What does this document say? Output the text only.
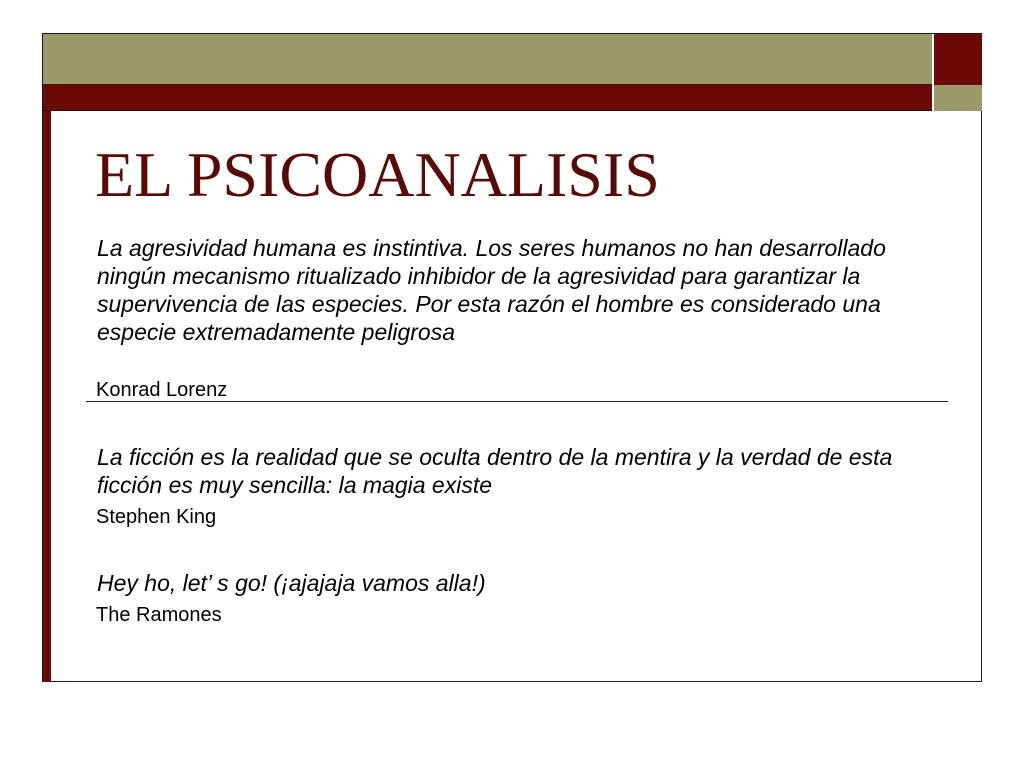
EL PSICOANALISIS

La agresividad humana es instintiva. Los seres humanos no han desarrollado ningún mecanismo ritualizado inhibidor de la agresividad para garantizar la supervivencia de las especies. Por esta razón el hombre es considerado una especie extremadamente peligrosa

Konrad Lorenz

La ficción es la realidad que se oculta dentro de la mentira y la verdad de esta ficción es muy sencilla: la magia existe

Stephen King

Hey ho, let’ s go! (¡ajajaja vamos alla!)

The Ramones
